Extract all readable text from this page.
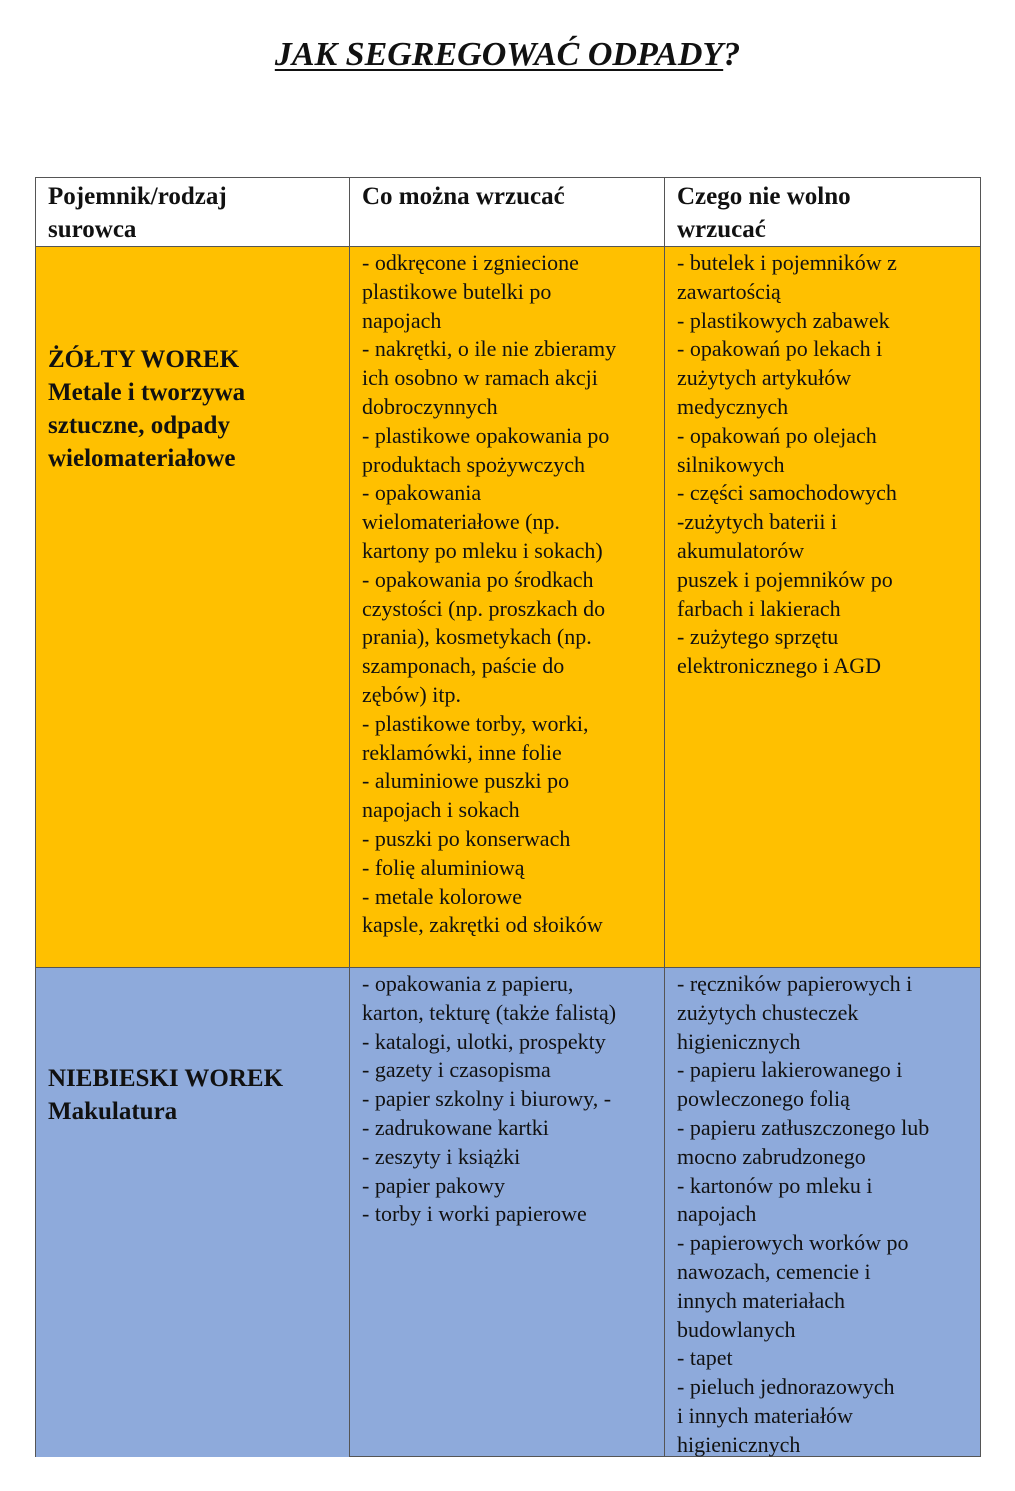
JAK SEGREGOWAĆ ODPADY?
Pojemnik/rodzaj
surowca
Co można wrzucać	Czego nie wolno
wrzucać
ŻÓŁTY WOREK
Metale i tworzywa
sztuczne, odpady
wielomateriałowe
- odkręcone i zgniecione
plastikowe butelki po
napojach
- nakrętki, o ile nie zbieramy
ich osobno w ramach akcji
dobroczynnych
- plastikowe opakowania po
produktach spożywczych
- opakowania
wielomateriałowe (np.
kartony po mleku i sokach)
- opakowania po środkach
czystości (np. proszkach do
prania), kosmetykach (np.
szamponach, paście do
zębów) itp.
- plastikowe torby, worki,
reklamówki, inne folie
- aluminiowe puszki po
napojach i sokach
- puszki po konserwach
- folię aluminiową
- metale kolorowe
kapsle, zakrętki od słoików
- butelek i pojemników z
zawartością
- plastikowych zabawek
- opakowań po lekach i
zużytych artykułów
medycznych
- opakowań po olejach
silnikowych
- części samochodowych
-zużytych baterii i
akumulatorów
puszek i pojemników po
farbach i lakierach
- zużytego sprzętu
elektronicznego i AGD
NIEBIESKI WOREK
Makulatura
- opakowania z papieru,
karton, tekturę (także falistą)
- katalogi, ulotki, prospekty
- gazety i czasopisma
- papier szkolny i biurowy, -
- zadrukowane kartki
- zeszyty i książki
- papier pakowy
- torby i worki papierowe
- ręczników papierowych i
zużytych chusteczek
higienicznych
- papieru lakierowanego i
powleczonego folią
- papieru zatłuszczonego lub
mocno zabrudzonego
- kartonów po mleku i
napojach
- papierowych worków po
nawozach, cemencie i
innych materiałach
budowlanych
- tapet
- pieluch jednorazowych
i innych materiałów
higienicznych
